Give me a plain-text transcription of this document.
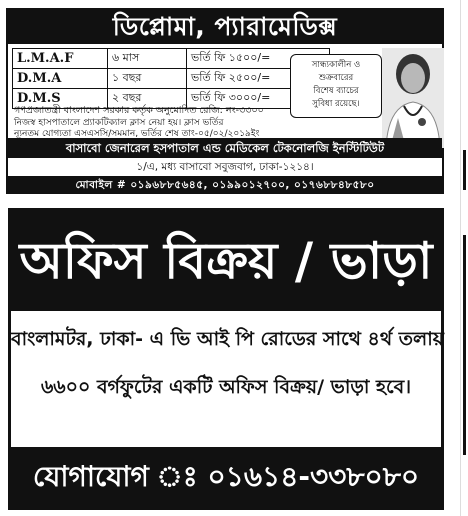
ডিপ্লোমা, প্যারামেডিক্স
L.M.A.F	৬ মাস	ভর্তি ফি ১৫০০/=
D.M.A	১ বছর	ভর্তি ফি ২৫০০/=
D.M.S	২ বছর	ভর্তি ফি ৩০০০/=
সান্ধ্যকালীন ও
শুক্রবারের
বিশেষ ব্যাচের
সুবিধা রয়েছে।
গণপ্রজাতন্ত্রী বাংলাদেশ সরকার কর্তৃক অনুমোদিত রেজি: নং-৩৩০০
নিজস্ব হাসপাতালে প্র্যাকটিক্যাল ক্লাস নেয়া হয়। ক্লাস ভর্তির
বাসাবো জেনারেল হসপাতাল এন্ড মেডিকেল টেকনোলজি ইনস্টিটিউট
১/এ, মধ্য বাসাবো সবুজবাগ, ঢাকা-১২১৪।
মোবাইল # ০১৯৬৮৮৫৬৪৫, ০১৯৯০১২৭০০, ০১৭৬৮৮৪৮৫৮০
ন্যূনতম যোগ্যতা এসএসসি/সমমান, ভর্তির শেষ তাং-০৫/০২/২০১৯ইং
অফিস বিক্রয় / ভাড়া
বাংলামটর, ঢাকা- এ ভি আই পি রোডের সাথে ৪র্থ তলায়
৬৬০০ বর্গফুটের একটি অফিস বিক্রয়/ ভাড়া হবে।
যোগাযোগ ঃ ০১৬১৪-৩৩৮০৮০
